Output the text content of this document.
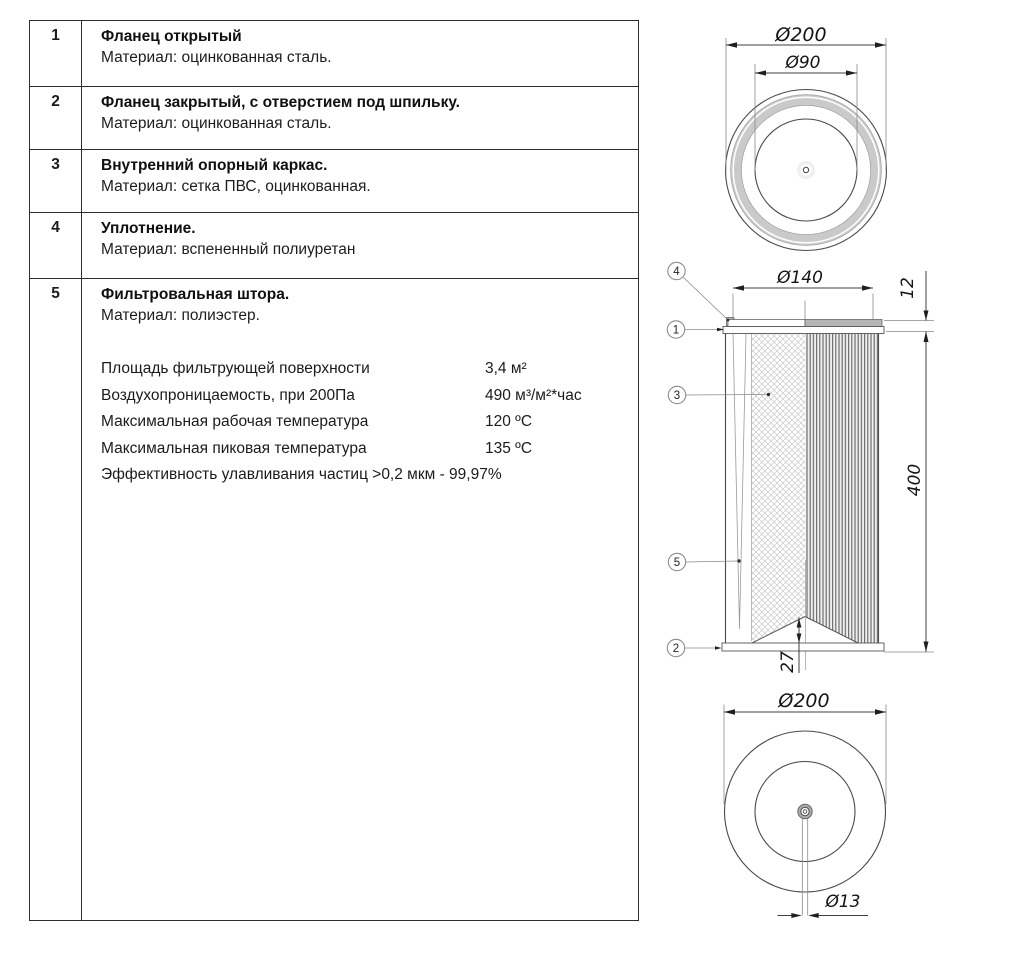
1	Фланец открытый
Материал: оцинкованная сталь.
2	Фланец закрытый, с отверстием под шпильку.
Материал: оцинкованная сталь.
3	Внутренний опорный каркас.
Материал: сетка ПВС, оцинкованная.
4	Уплотнение.
Материал: вспененный полиуретан
5	Фильтровальная штора.
Материал: полиэстер.
Площадь фильтрующей поверхности	3,4 м²
Воздухопроницаемость, при 200Па	490 м³/м²*час
Максимальная рабочая температура	120 ºС
Максимальная пиковая температура	135 ºС
Эффективность улавливания частиц >0,2 мкм - 99,97%
Ø200
Ø90
Ø140	12
400
27
4
1
3
5
2
Ø200
Ø13
